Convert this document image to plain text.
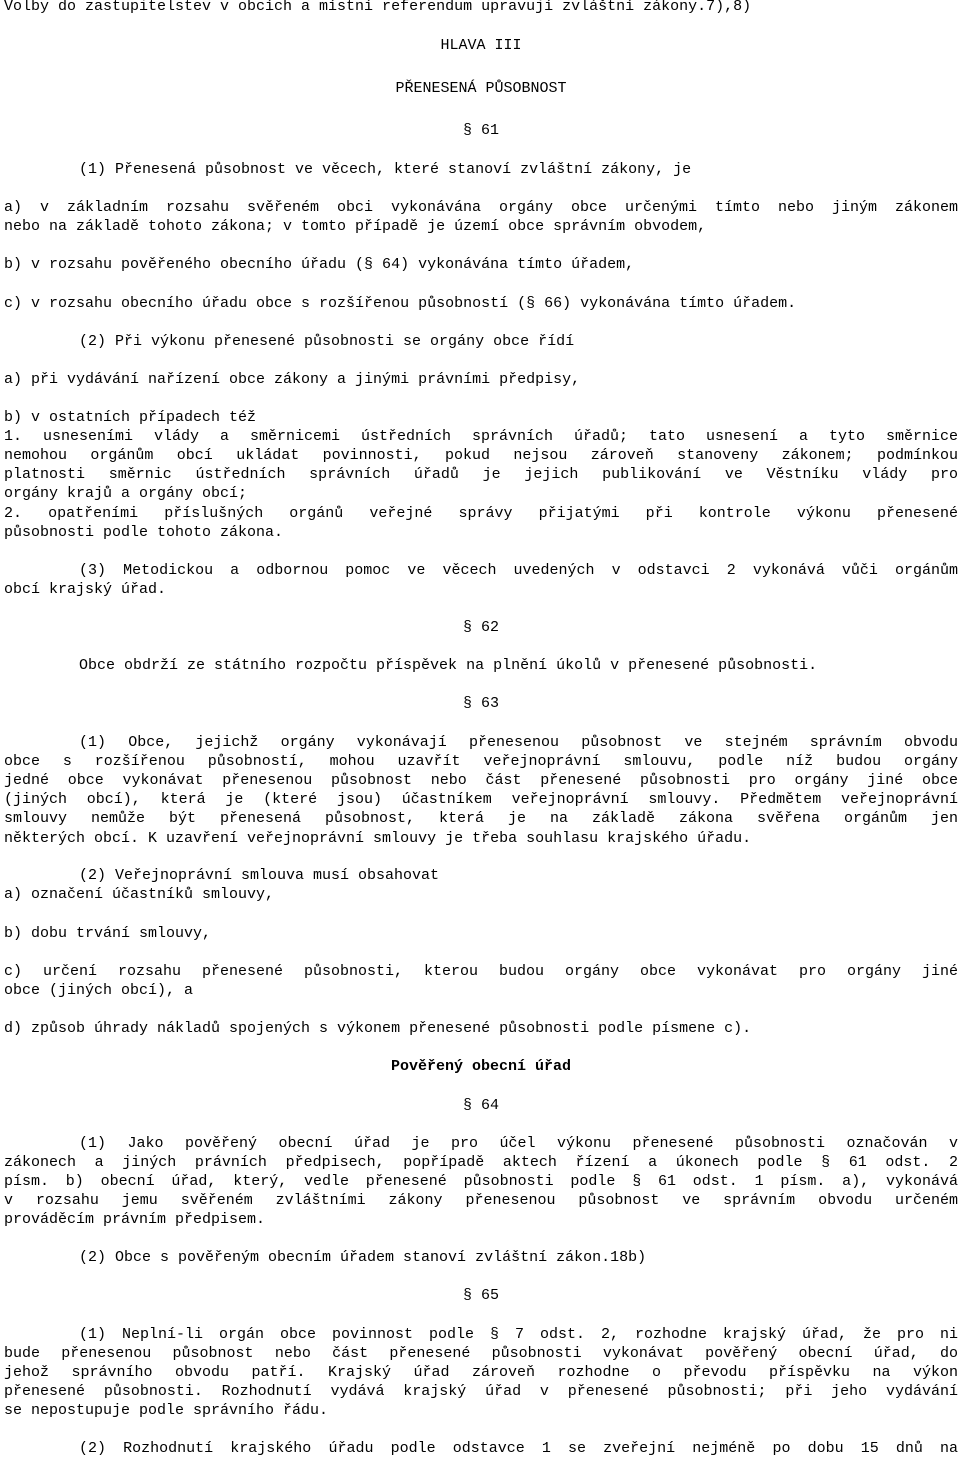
Volby do zastupitelstev v obcích a místní referendum upravují zvláštní zákony.7),8)
HLAVA III
PŘENESENÁ PŮSOBNOST
§ 61
(1) Přenesená působnost ve věcech, které stanoví zvláštní zákony, je
a) v základním rozsahu svěřeném obci vykonávána orgány obce určenými tímto nebo jiným zákonem
nebo na základě tohoto zákona; v tomto případě je území obce správním obvodem,
b) v rozsahu pověřeného obecního úřadu (§ 64) vykonávána tímto úřadem,
c) v rozsahu obecního úřadu obce s rozšířenou působností (§ 66) vykonávána tímto úřadem.
(2) Při výkonu přenesené působnosti se orgány obce řídí
a) při vydávání nařízení obce zákony a jinými právními předpisy,
b) v ostatních případech též
1. usneseními vlády a směrnicemi ústředních správních úřadů; tato usnesení a tyto směrnice
nemohou orgánům obcí ukládat povinnosti, pokud nejsou zároveň stanoveny zákonem; podmínkou
platnosti směrnic ústředních správních úřadů je jejich publikování ve Věstníku vlády pro
orgány krajů a orgány obcí;
2. opatřeními příslušných orgánů veřejné správy přijatými při kontrole výkonu přenesené
působnosti podle tohoto zákona.
(3) Metodickou a odbornou pomoc ve věcech uvedených v odstavci 2 vykonává vůči orgánům
obcí krajský úřad.
§ 62
Obce obdrží ze státního rozpočtu příspěvek na plnění úkolů v přenesené působnosti.
§ 63
(1) Obce, jejichž orgány vykonávají přenesenou působnost ve stejném správním obvodu
obce s rozšířenou působností, mohou uzavřít veřejnoprávní smlouvu, podle níž budou orgány
jedné obce vykonávat přenesenou působnost nebo část přenesené působnosti pro orgány jiné obce
(jiných obcí), která je (které jsou) účastníkem veřejnoprávní smlouvy. Předmětem veřejnoprávní
smlouvy nemůže být přenesená působnost, která je na základě zákona svěřena orgánům jen
některých obcí. K uzavření veřejnoprávní smlouvy je třeba souhlasu krajského úřadu.
(2) Veřejnoprávní smlouva musí obsahovat
a) označení účastníků smlouvy,
b) dobu trvání smlouvy,
c) určení rozsahu přenesené působnosti, kterou budou orgány obce vykonávat pro orgány jiné
obce (jiných obcí), a
d) způsob úhrady nákladů spojených s výkonem přenesené působnosti podle písmene c).
Pověřený obecní úřad
§ 64
(1) Jako pověřený obecní úřad je pro účel výkonu přenesené působnosti označován v
zákonech a jiných právních předpisech, popřípadě aktech řízení a úkonech podle § 61 odst. 2
písm. b) obecní úřad, který, vedle přenesené působnosti podle § 61 odst. 1 písm. a), vykonává
v rozsahu jemu svěřeném zvláštními zákony přenesenou působnost ve správním obvodu určeném
prováděcím právním předpisem.
(2) Obce s pověřeným obecním úřadem stanoví zvláštní zákon.18b)
§ 65
(1) Neplní-li orgán obce povinnost podle § 7 odst. 2, rozhodne krajský úřad, že pro ni
bude přenesenou působnost nebo část přenesené působnosti vykonávat pověřený obecní úřad, do
jehož správního obvodu patří. Krajský úřad zároveň rozhodne o převodu příspěvku na výkon
přenesené působnosti. Rozhodnutí vydává krajský úřad v přenesené působnosti; při jeho vydávání
se nepostupuje podle správního řádu.
(2) Rozhodnutí krajského úřadu podle odstavce 1 se zveřejní nejméně po dobu 15 dnů na
